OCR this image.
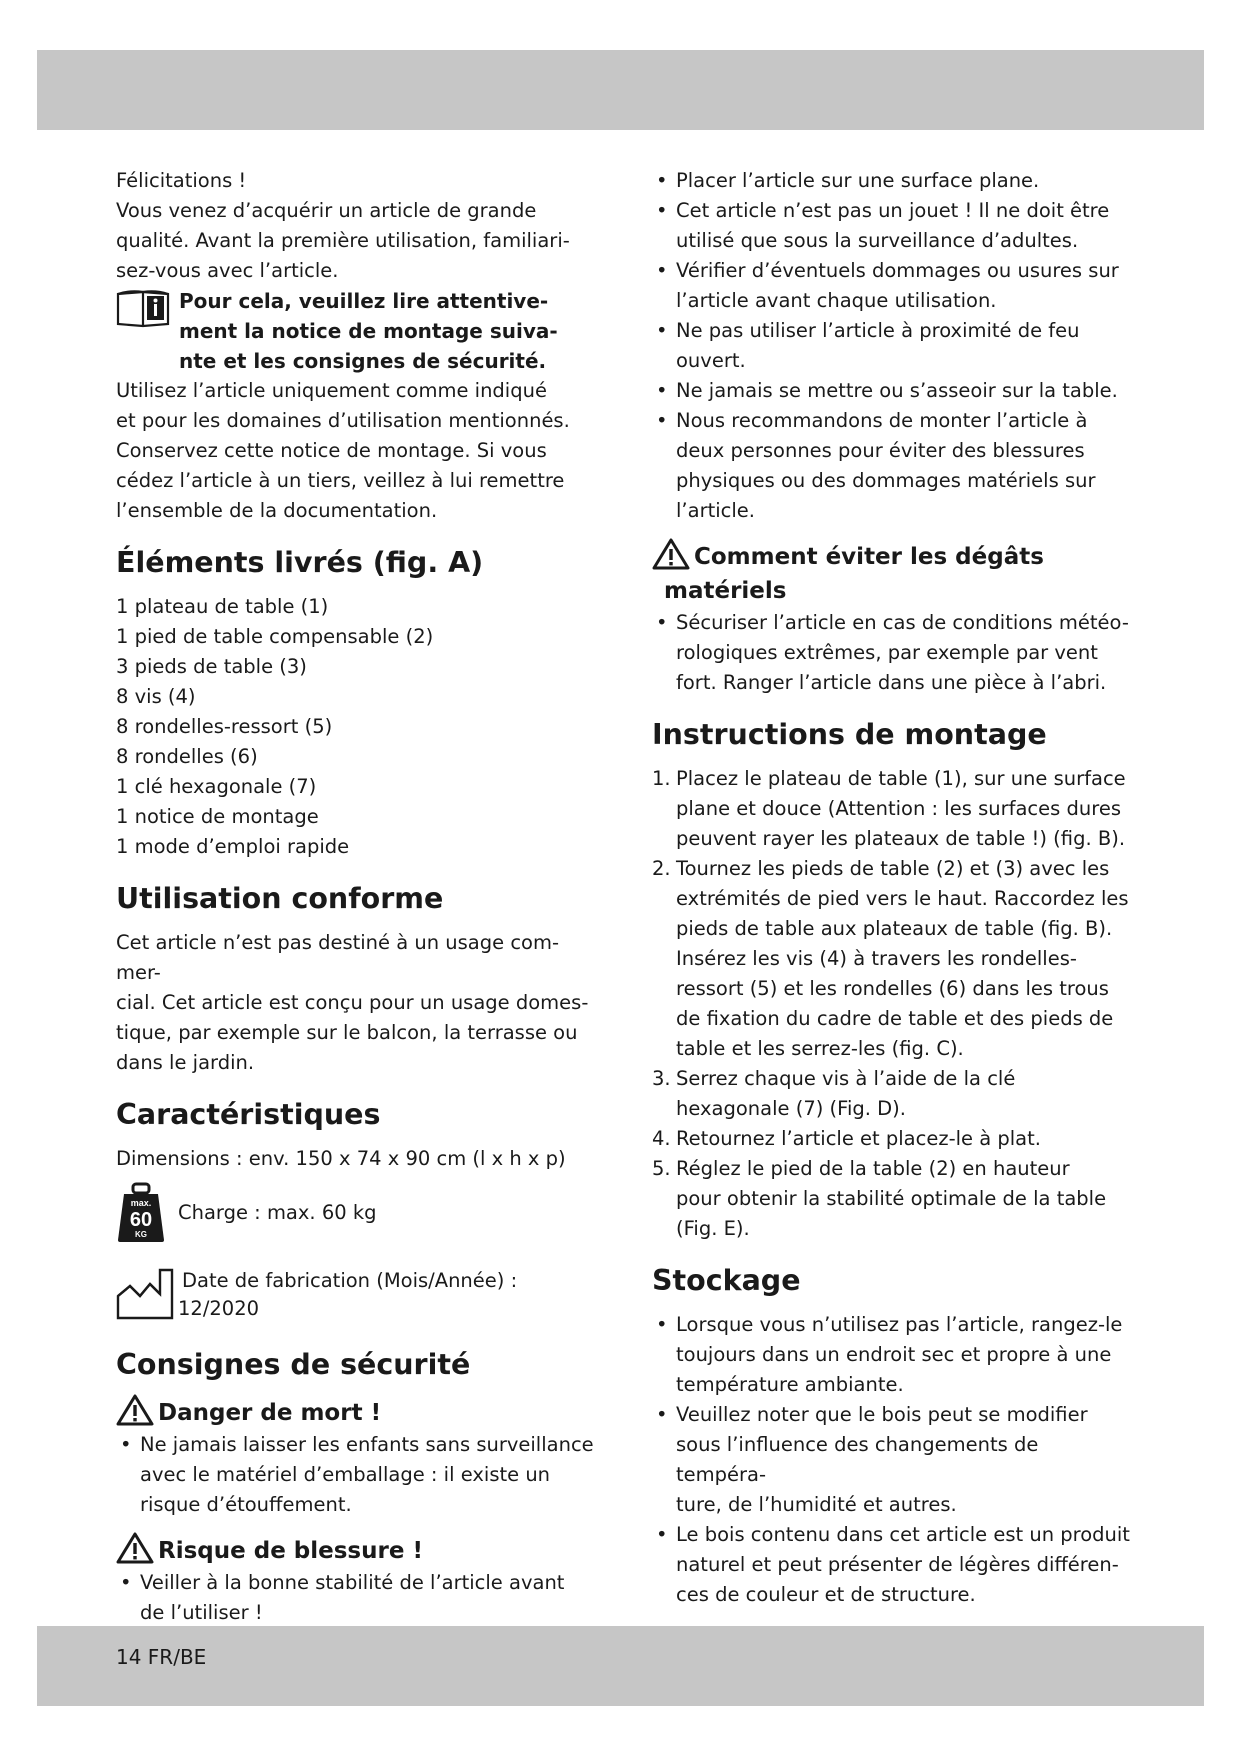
Félicitations !

Vous venez d’acquérir un article de grande
qualité. Avant la première utilisation, familiari-
sez-vous avec l’article.
Pour cela, veuillez lire attentive-
ment la notice de montage suiva-
nte et les consignes de sécurité.
Utilisez l’article uniquement comme indiqué
et pour les domaines d’utilisation mentionnés.
Conservez cette notice de montage. Si vous
cédez l’article à un tiers, veillez à lui remettre
l’ensemble de la documentation.
Éléments livrés (fig. A)
1 plateau de table (1)
1 pied de table compensable (2)
3 pieds de table (3)
8 vis (4)
8 rondelles-ressort (5)
8 rondelles (6)
1 clé hexagonale (7)
1 notice de montage
1 mode d’emploi rapide
Utilisation conforme
Cet article n’est pas destiné à un usage com-mer-
cial. Cet article est conçu pour un usage domes-
tique, par exemple sur le balcon, la terrasse ou
dans le jardin.
Caractéristiques
Dimensions : env. 150 x 74 x 90 cm (l x h x p)
max.
60
KG
Charge : max. 60 kg
Date de fabrication (Mois/Année) :
12/2020
Consignes de sécurité
Danger de mort !
• Ne jamais laisser les enfants sans surveillance
avec le matériel d’emballage : il existe un
risque d’étouffement.
Risque de blessure !
• Veiller à la bonne stabilité de l’article avant
de l’utiliser !
• Placer l’article sur une surface plane.
• Cet article n’est pas un jouet ! Il ne doit être
utilisé que sous la surveillance d’adultes.
• Vérifier d’éventuels dommages ou usures sur
l’article avant chaque utilisation.
• Ne pas utiliser l’article à proximité de feu
ouvert.
• Ne jamais se mettre ou s’asseoir sur la table.
• Nous recommandons de monter l’article à
deux personnes pour éviter des blessures
physiques ou des dommages matériels sur
l’article.
Comment éviter les dégâts
matériels
• Sécuriser l’article en cas de conditions météo-
rologiques extrêmes, par exemple par vent
fort. Ranger l’article dans une pièce à l’abri.
Instructions de montage
1. Placez le plateau de table (1), sur une surface
plane et douce (Attention : les surfaces dures
peuvent rayer les plateaux de table !) (fig. B).
2. Tournez les pieds de table (2) et (3) avec les
extrémités de pied vers le haut. Raccordez les
pieds de table aux plateaux de table (fig. B).
Insérez les vis (4) à travers les rondelles-
ressort (5) et les rondelles (6) dans les trous
de fixation du cadre de table et des pieds de
table et les serrez-les (fig. C).
3. Serrez chaque vis à l’aide de la clé
hexagonale (7) (Fig. D).
4. Retournez l’article et placez-le à plat.
5. Réglez le pied de la table (2) en hauteur
pour obtenir la stabilité optimale de la table
(Fig. E).
Stockage
• Lorsque vous n’utilisez pas l’article, rangez-le
toujours dans un endroit sec et propre à une
température ambiante.
• Veuillez noter que le bois peut se modifier
sous l’influence des changements de tempéra-
ture, de l’humidité et autres.
• Le bois contenu dans cet article est un produit
naturel et peut présenter de légères différen-
ces de couleur et de structure.
14 FR/BE
